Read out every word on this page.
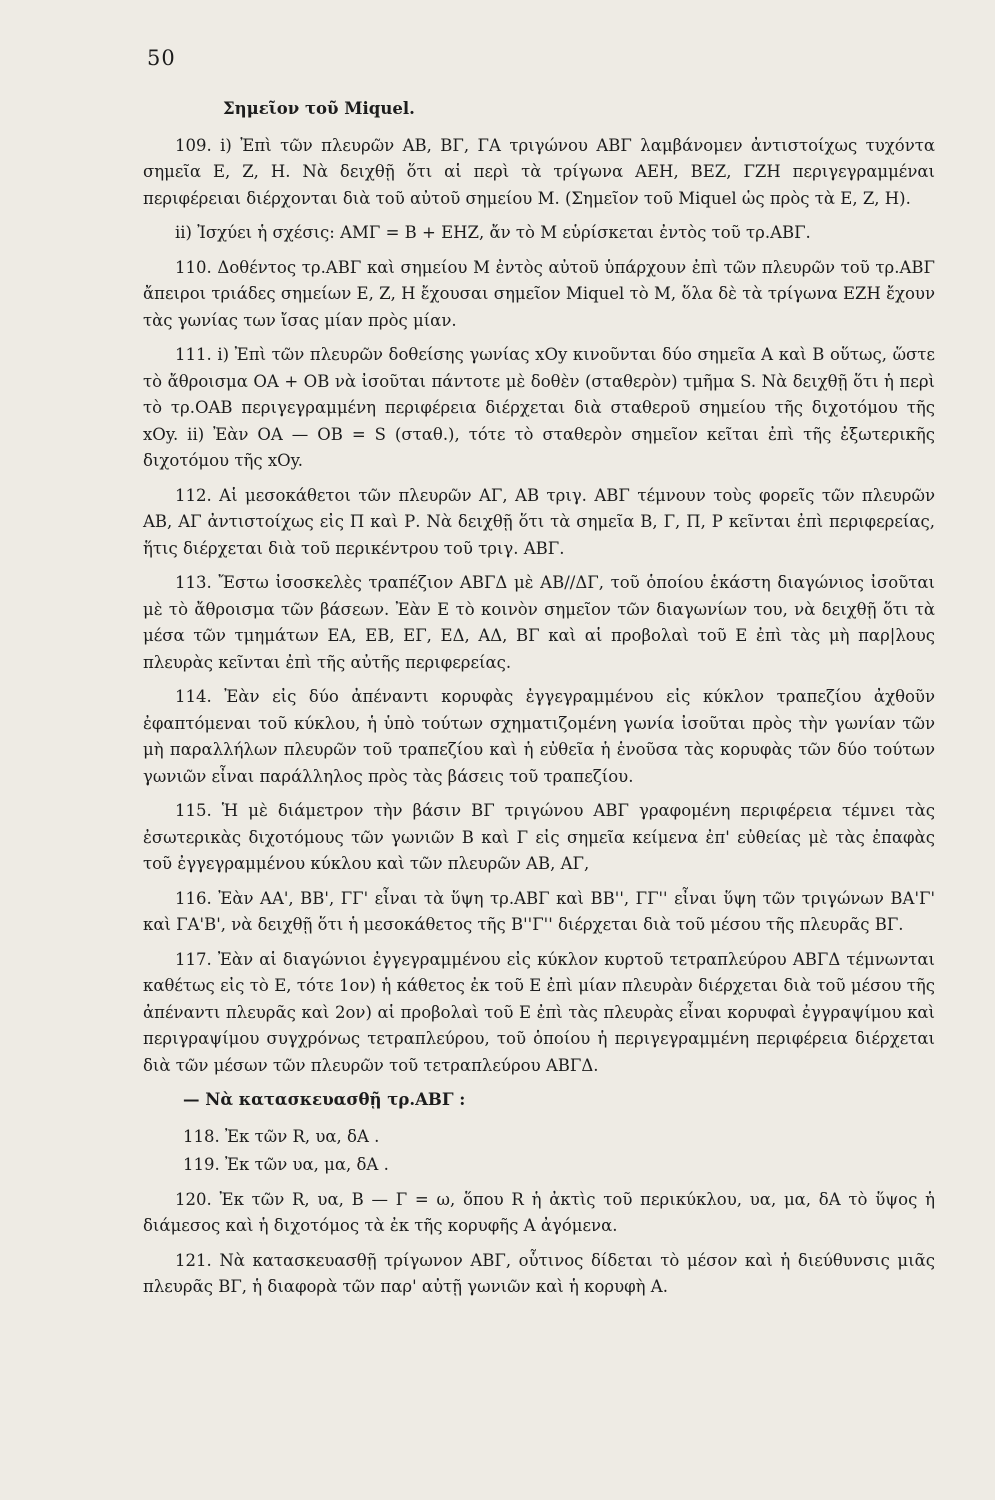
50

Σημεῖον τοῦ Miquel.

109. i) Ἐπὶ τῶν πλευρῶν ΑΒ, ΒΓ, ΓΑ τριγώνου ΑΒΓ λαμβάνομεν ἀντιστοίχως τυχόντα σημεῖα Ε, Ζ, Η. Νὰ δειχθῇ ὅτι αἱ περὶ τὰ τρίγωνα ΑΕΗ, ΒΕΖ, ΓΖΗ περιγεγραμμέναι περιφέρειαι διέρχονται διὰ τοῦ αὐτοῦ σημείου Μ. (Σημεῖον τοῦ Miquel ὡς πρὸς τὰ Ε, Ζ, Η).

ii) Ἰσχύει ἡ σχέσις: ΑΜΓ = Β + ΕΗΖ, ἄν τὸ Μ εὑρίσκεται ἐντὸς τοῦ τρ.ΑΒΓ.

110. Δοθέντος τρ.ΑΒΓ καὶ σημείου Μ ἐντὸς αὐτοῦ ὑπάρχουν ἐπὶ τῶν πλευρῶν τοῦ τρ.ΑΒΓ ἄπειροι τριάδες σημείων Ε, Ζ, Η ἔχουσαι σημεῖον Miquel τὸ Μ, ὅλα δὲ τὰ τρίγωνα ΕΖΗ ἔχουν τὰς γωνίας των ἴσας μίαν πρὸς μίαν.

111. i) Ἐπὶ τῶν πλευρῶν δοθείσης γωνίας xOy κινοῦνται δύο σημεῖα Α καὶ Β οὕτως, ὥστε τὸ ἄθροισμα ΟΑ + ΟΒ νὰ ἰσοῦται πάντοτε μὲ δοθὲν (σταθερὸν) τμῆμα S. Νὰ δειχθῇ ὅτι ἡ περὶ τὸ τρ.ΟΑΒ περιγεγραμμένη περιφέρεια διέρχεται διὰ σταθεροῦ σημείου τῆς διχοτόμου τῆς xOy. ii) Ἐὰν ΟΑ — ΟΒ = S (σταθ.), τότε τὸ σταθερὸν σημεῖον κεῖται ἐπὶ τῆς ἐξωτερικῆς διχοτόμου τῆς xOy.

112. Αἱ μεσοκάθετοι τῶν πλευρῶν ΑΓ, ΑΒ τριγ. ΑΒΓ τέμνουν τοὺς φορεῖς τῶν πλευρῶν ΑΒ, ΑΓ ἀντιστοίχως εἰς Π καὶ Ρ. Νὰ δειχθῇ ὅτι τὰ σημεῖα Β, Γ, Π, Ρ κεῖνται ἐπὶ περιφερείας, ἥτις διέρχεται διὰ τοῦ περικέντρου τοῦ τριγ. ΑΒΓ.

113. Ἔστω ἰσοσκελὲς τραπέζιον ΑΒΓΔ μὲ ΑΒ//ΔΓ, τοῦ ὁποίου ἑκάστη διαγώνιος ἰσοῦται μὲ τὸ ἄθροισμα τῶν βάσεων. Ἐὰν Ε τὸ κοινὸν σημεῖον τῶν διαγωνίων του, νὰ δειχθῇ ὅτι τὰ μέσα τῶν τμημάτων ΕΑ, ΕΒ, ΕΓ, ΕΔ, ΑΔ, ΒΓ καὶ αἱ προβολαὶ τοῦ Ε ἐπὶ τὰς μὴ παρ|λους πλευρὰς κεῖνται ἐπὶ τῆς αὐτῆς περιφερείας.

114. Ἐὰν εἰς δύο ἀπέναντι κορυφὰς ἐγγεγραμμένου εἰς κύκλον τραπεζίου ἀχθοῦν ἐφαπτόμεναι τοῦ κύκλου, ἡ ὑπὸ τούτων σχηματιζομένη γωνία ἰσοῦται πρὸς τὴν γωνίαν τῶν μὴ παραλλήλων πλευρῶν τοῦ τραπεζίου καὶ ἡ εὐθεῖα ἡ ἑνοῦσα τὰς κορυφὰς τῶν δύο τούτων γωνιῶν εἶναι παράλληλος πρὸς τὰς βάσεις τοῦ τραπεζίου.

115. Ἡ μὲ διάμετρον τὴν βάσιν ΒΓ τριγώνου ΑΒΓ γραφομένη περιφέρεια τέμνει τὰς ἐσωτερικὰς διχοτόμους τῶν γωνιῶν Β καὶ Γ εἰς σημεῖα κείμενα ἐπ' εὐθείας μὲ τὰς ἐπαφὰς τοῦ ἐγγεγραμμένου κύκλου καὶ τῶν πλευρῶν ΑΒ, ΑΓ,

116. Ἐὰν ΑΑ', ΒΒ', ΓΓ' εἶναι τὰ ὕψη τρ.ΑΒΓ καὶ ΒΒ'', ΓΓ'' εἶναι ὕψη τῶν τριγώνων ΒΑ'Γ' καὶ ΓΑ'Β', νὰ δειχθῇ ὅτι ἡ μεσοκάθετος τῆς Β''Γ'' διέρχεται διὰ τοῦ μέσου τῆς πλευρᾶς ΒΓ.

117. Ἐὰν αἱ διαγώνιοι ἐγγεγραμμένου εἰς κύκλον κυρτοῦ τετραπλεύρου ΑΒΓΔ τέμνωνται καθέτως εἰς τὸ Ε, τότε 1ον) ἡ κάθετος ἐκ τοῦ Ε ἐπὶ μίαν πλευρὰν διέρχεται διὰ τοῦ μέσου τῆς ἀπέναντι πλευρᾶς καὶ 2ον) αἱ προβολαὶ τοῦ Ε ἐπὶ τὰς πλευρὰς εἶναι κορυφαὶ ἐγγραψίμου καὶ περιγραψίμου συγχρόνως τετραπλεύρου, τοῦ ὁποίου ἡ περιγεγραμμένη περιφέρεια διέρχεται διὰ τῶν μέσων τῶν πλευρῶν τοῦ τετραπλεύρου ΑΒΓΔ.

— Νὰ κατασκευασθῇ τρ.ΑΒΓ :

118. Ἐκ τῶν R, υα, δΑ .

119. Ἐκ τῶν υα, μα, δΑ .

120. Ἐκ τῶν R, υα, Β — Γ = ω, ὅπου R ἡ ἀκτὶς τοῦ περικύκλου, υα, μα, δΑ τὸ ὕψος ἡ διάμεσος καὶ ἡ διχοτόμος τὰ ἐκ τῆς κορυφῆς Α ἀγόμενα.

121. Νὰ κατασκευασθῇ τρίγωνον ΑΒΓ, οὗτινος δίδεται τὸ μέσον καὶ ἡ διεύθυνσις μιᾶς πλευρᾶς ΒΓ, ἡ διαφορὰ τῶν παρ' αὐτῇ γωνιῶν καὶ ἡ κορυφὴ Α.
